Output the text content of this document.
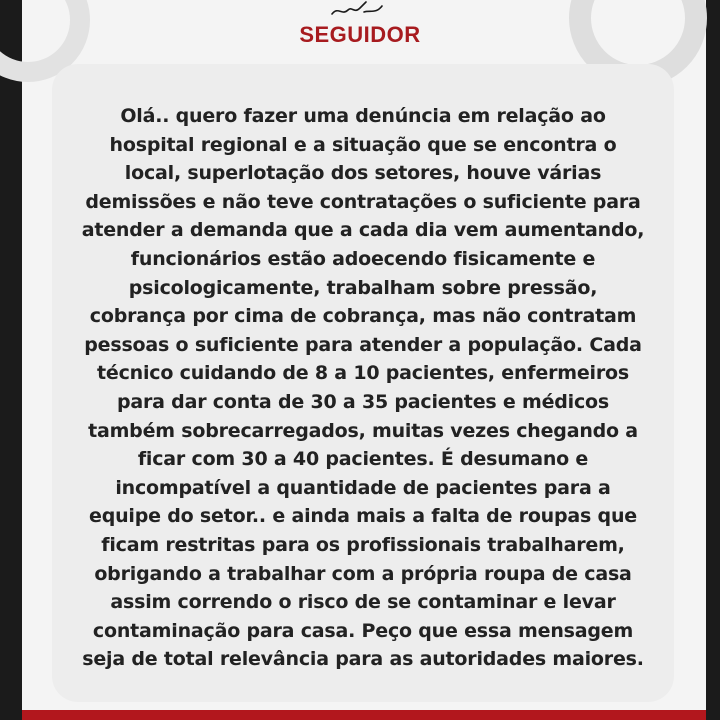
SEGUIDOR

Olá.. quero fazer uma denúncia em relação ao
hospital regional e a situação que se encontra o
local, superlotação dos setores, houve várias
demissões e não teve contratações o suficiente para
atender a demanda que a cada dia vem aumentando,
funcionários estão adoecendo fisicamente e
psicologicamente, trabalham sobre pressão,
cobrança por cima de cobrança, mas não contratam
pessoas o suficiente para atender a população. Cada
técnico cuidando de 8 a 10 pacientes, enfermeiros
para dar conta de 30 a 35 pacientes e médicos
também sobrecarregados, muitas vezes chegando a
ficar com 30 a 40 pacientes. É desumano e
incompatível a quantidade de pacientes para a
equipe do setor.. e ainda mais a falta de roupas que
ficam restritas para os profissionais trabalharem,
obrigando a trabalhar com a própria roupa de casa
assim correndo o risco de se contaminar e levar
contaminação para casa. Peço que essa mensagem
seja de total relevância para as autoridades maiores.
